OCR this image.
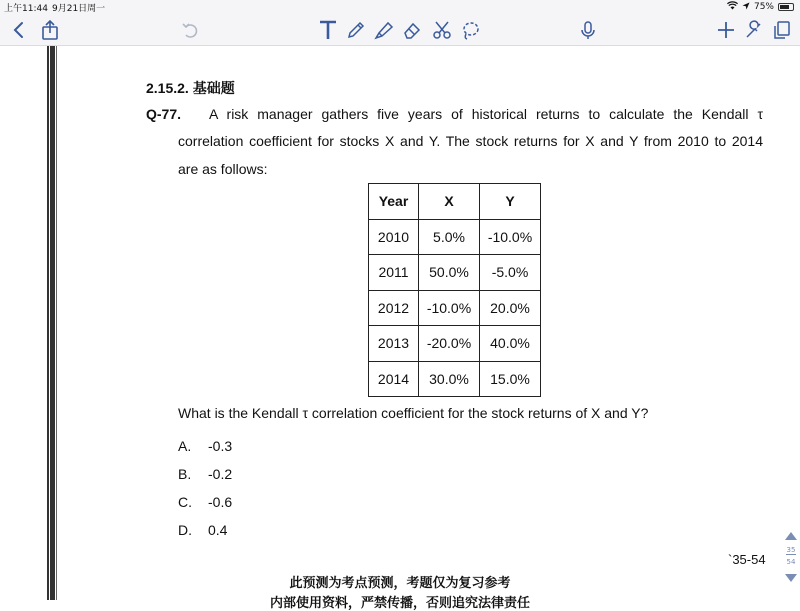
上午11:44 9月21日周一	75%
2.15.2. 基础题
Q-77. A risk manager gathers five years of historical returns to calculate the Kendall τ
correlation coefficient for stocks X and Y. The stock returns for X and Y from 2010 to 2014
are as follows:
Year	X	Y
2010	5.0%	-10.0%
2011	50.0%	-5.0%
2012	-10.0%	20.0%
2013	-20.0%	40.0%
2014	30.0%	15.0%
What is the Kendall τ correlation coefficient for the stock returns of X and Y?
A. -0.3
B. -0.2
C. -0.6
D. 0.4
`35-54
此预测为考点预测，考题仅为复习参考
内部使用资料，严禁传播，否则追究法律责任
35
54
